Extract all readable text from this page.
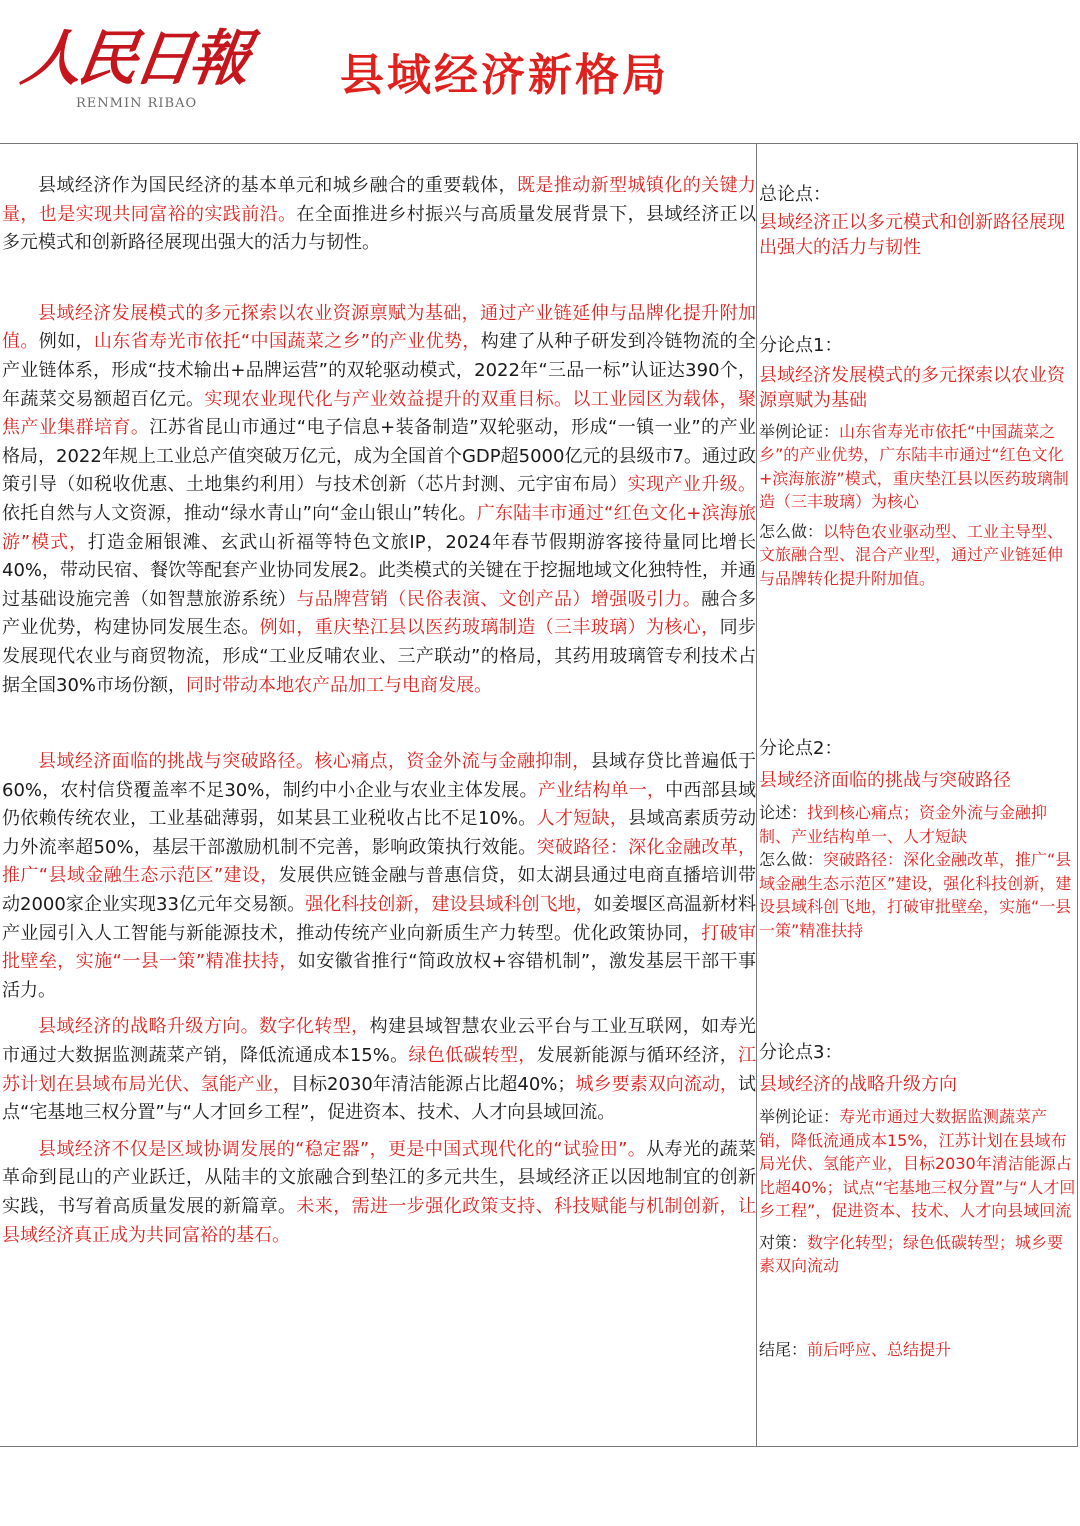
人民日報
RENMIN RIBAO
县域经济新格局

县域经济作为国民经济的基本单元和城乡融合的重要载体，既是推动新型城镇化的关键力量，也是实现共同富裕的实践前沿。在全面推进乡村振兴与高质量发展背景下，县域经济正以多元模式和创新路径展现出强大的活力与韧性。

县域经济发展模式的多元探索以农业资源禀赋为基础，通过产业链延伸与品牌化提升附加值。例如，山东省寿光市依托“中国蔬菜之乡”的产业优势，构建了从种子研发到冷链物流的全产业链体系，形成“技术输出+品牌运营”的双轮驱动模式，2022年“三品一标”认证达390个，年蔬菜交易额超百亿元。实现农业现代化与产业效益提升的双重目标。以工业园区为载体，聚焦产业集群培育。江苏省昆山市通过“电子信息+装备制造”双轮驱动，形成“一镇一业”的产业格局，2022年规上工业总产值突破万亿元，成为全国首个GDP超5000亿元的县级市7。通过政策引导（如税收优惠、土地集约利用）与技术创新（芯片封测、元宇宙布局）实现产业升级。依托自然与人文资源，推动“绿水青山”向“金山银山”转化。广东陆丰市通过“红色文化+滨海旅游”模式，打造金厢银滩、玄武山祈福等特色文旅IP，2024年春节假期游客接待量同比增长40%，带动民宿、餐饮等配套产业协同发展2。此类模式的关键在于挖掘地域文化独特性，并通过基础设施完善（如智慧旅游系统）与品牌营销（民俗表演、文创产品）增强吸引力。融合多产业优势，构建协同发展生态。例如，重庆垫江县以医药玻璃制造（三丰玻璃）为核心，同步发展现代农业与商贸物流，形成“工业反哺农业、三产联动”的格局，其药用玻璃管专利技术占据全国30%市场份额，同时带动本地农产品加工与电商发展。

县域经济面临的挑战与突破路径。核心痛点，资金外流与金融抑制，县域存贷比普遍低于60%，农村信贷覆盖率不足30%，制约中小企业与农业主体发展。产业结构单一，中西部县域仍依赖传统农业，工业基础薄弱，如某县工业税收占比不足10%。人才短缺，县域高素质劳动力外流率超50%，基层干部激励机制不完善，影响政策执行效能。突破路径：深化金融改革，推广“县域金融生态示范区”建设，发展供应链金融与普惠信贷，如太湖县通过电商直播培训带动2000家企业实现33亿元年交易额。强化科技创新，建设县域科创飞地，如姜堰区高温新材料产业园引入人工智能与新能源技术，推动传统产业向新质生产力转型。优化政策协同，打破审批壁垒，实施“一县一策”精准扶持，如安徽省推行“简政放权+容错机制”，激发基层干部干事活力。

县域经济的战略升级方向。数字化转型，构建县域智慧农业云平台与工业互联网，如寿光市通过大数据监测蔬菜产销，降低流通成本15%。绿色低碳转型，发展新能源与循环经济，江苏计划在县域布局光伏、氢能产业，目标2030年清洁能源占比超40%；城乡要素双向流动，试点“宅基地三权分置”与“人才回乡工程”，促进资本、技术、人才向县域回流。

县域经济不仅是区域协调发展的“稳定器”，更是中国式现代化的“试验田”。从寿光的蔬菜革命到昆山的产业跃迁，从陆丰的文旅融合到垫江的多元共生，县域经济正以因地制宜的创新实践，书写着高质量发展的新篇章。未来，需进一步强化政策支持、科技赋能与机制创新，让县域经济真正成为共同富裕的基石。

总论点：

县域经济正以多元模式和创新路径展现出强大的活力与韧性

分论点1：

县域经济发展模式的多元探索以农业资源禀赋为基础

举例论证：山东省寿光市依托“中国蔬菜之乡”的产业优势，广东陆丰市通过“红色文化+滨海旅游”模式，重庆垫江县以医药玻璃制造（三丰玻璃）为核心

怎么做：以特色农业驱动型、工业主导型、文旅融合型、混合产业型，通过产业链延伸与品牌转化提升附加值。

分论点2：

县域经济面临的挑战与突破路径

论述：找到核心痛点；资金外流与金融抑制、产业结构单一、人才短缺

怎么做：突破路径：深化金融改革，推广“县域金融生态示范区”建设，强化科技创新，建设县域科创飞地，打破审批壁垒，实施“一县一策”精准扶持

分论点3：

县域经济的战略升级方向

举例论证：寿光市通过大数据监测蔬菜产销，降低流通成本15%，江苏计划在县域布局光伏、氢能产业，目标2030年清洁能源占比超40%；试点“宅基地三权分置”与“人才回乡工程”，促进资本、技术、人才向县域回流

对策：数字化转型；绿色低碳转型；城乡要素双向流动

结尾：前后呼应、总结提升
